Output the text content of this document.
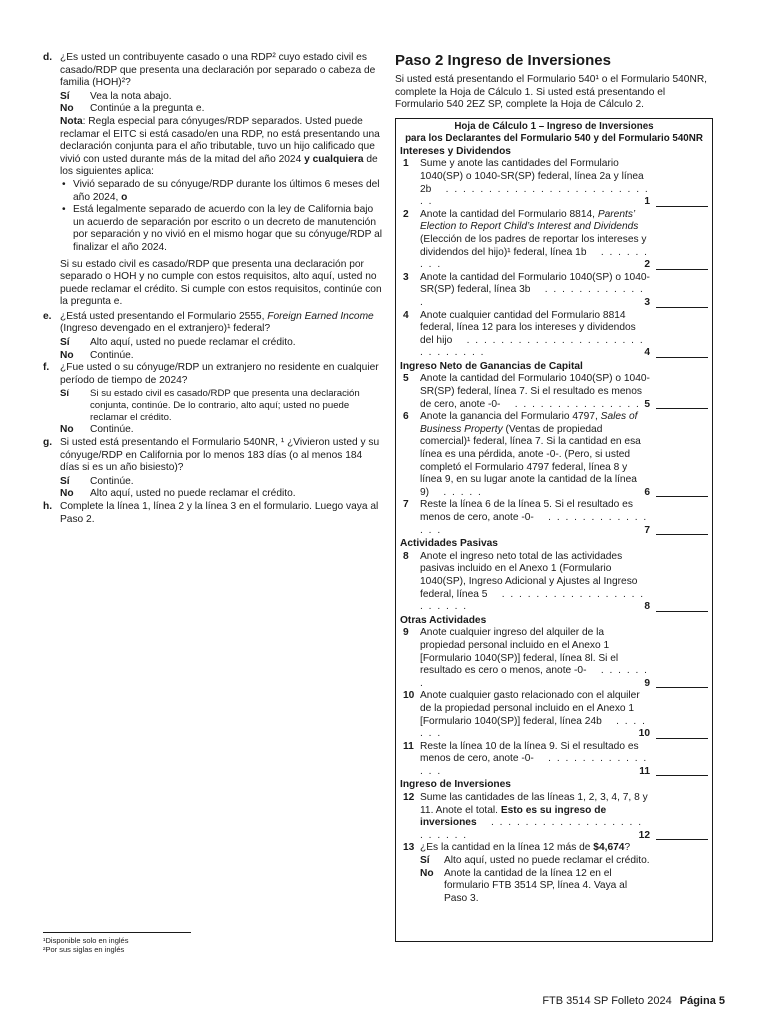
d. ¿Es usted un contribuyente casado o una RDP² cuyo estado civil es casado/RDP que presenta una declaración por separado o cabeza de familia (HOH)²?
Sí Vea la nota abajo.
No Continúe a la pregunta e.
Nota: Regla especial para cónyuges/RDP separados. Usted puede reclamar el EITC si está casado/en una RDP, no está presentando una declaración conjunta para el año tributable, tuvo un hijo calificado que vivió con usted durante más de la mitad del año 2024 y cualquiera de los siguientes aplica:
• Vivió separado de su cónyuge/RDP durante los últimos 6 meses del año 2024, o
• Está legalmente separado de acuerdo con la ley de California bajo un acuerdo de separación por escrito o un decreto de manutención por separación y no vivió en el mismo hogar que su cónyuge/RDP al finalizar el año 2024.
Si su estado civil es casado/RDP que presenta una declaración por separado o HOH y no cumple con estos requisitos, alto aquí, usted no puede reclamar el crédito. Si cumple con estos requisitos, continúe con la pregunta e.
e. ¿Está usted presentando el Formulario 2555, Foreign Earned Income (Ingreso devengado en el extranjero)¹ federal?
Sí Alto aquí, usted no puede reclamar el crédito.
No Continúe.
f. ¿Fue usted o su cónyuge/RDP un extranjero no residente en cualquier período de tiempo de 2024?
Sí Si su estado civil es casado/RDP que presenta una declaración conjunta, continúe. De lo contrario, alto aquí; usted no puede reclamar el crédito.
No Continúe.
g. Si usted está presentando el Formulario 540NR, ¹ ¿Vivieron usted y su cónyuge/RDP en California por lo menos 183 días (o al menos 184 días si es un año bisiesto)?
Sí Continúe.
No Alto aquí, usted no puede reclamar el crédito.
h. Complete la línea 1, línea 2 y la línea 3 en el formulario. Luego vaya al Paso 2.
Paso 2 Ingreso de Inversiones
Si usted está presentando el Formulario 540¹ o el Formulario 540NR, complete la Hoja de Cálculo 1. Si usted está presentando el Formulario 540 2EZ SP, complete la Hoja de Cálculo 2.
Hoja de Cálculo 1 – Ingreso de Inversiones
para los Declarantes del Formulario 540 y del Formulario 540NR
Intereses y Dividendos
1 Sume y anote las cantidades del Formulario 1040(SP) o 1040-SR(SP) federal, línea 2a y línea 2b . . . . . . . . . . . . . . . . . . . . . . . . . .	1
2 Anote la cantidad del Formulario 8814, Parents’ Election to Report Child’s Interest and Dividends (Elección de los padres de reportar los intereses y dividendos del hijo)¹ federal, línea 1b . . . . . . . . .	2
3 Anote la cantidad del Formulario 1040(SP) o 1040-SR(SP) federal, línea 3b . . . . . . . . . . . . .	3
4 Anote cualquier cantidad del Formulario 8814 federal, línea 12 para los intereses y dividendos del hijo . . . . . . . . . . . . . . . . . . . . . . . . . . . . .	4
Ingreso Neto de Ganancias de Capital
5 Anote la cantidad del Formulario 1040(SP) o 1040-SR(SP) federal, línea 7. Si el resultado es menos de cero, anote -0- . . . . . . . . . . . . . . . 5
6 Anote la ganancia del Formulario 4797, Sales of Business Property (Ventas de propiedad comercial)¹ federal, línea 7. Si la cantidad en esa línea es una pérdida, anote -0-. (Pero, si usted completó el Formulario 4797 federal, línea 8 y línea 9, en su lugar anote la cantidad de la línea 9) . . . . .	6
7 Reste la línea 6 de la línea 5. Si el resultado es menos de cero, anote -0- . . . . . . . . . . . . . . .	7
Actividades Pasivas
8 Anote el ingreso neto total de las actividades pasivas incluido en el Anexo 1 (Formulario 1040(SP), Ingreso Adicional y Ajustes al Ingreso federal, línea 5 . . . . . . . . . . . . . . . . . . . . . . .	8
Otras Actividades
9 Anote cualquier ingreso del alquiler de la propiedad personal incluido en el Anexo 1 [Formulario 1040(SP)] federal, línea 8l. Si el resultado es cero o menos, anote -0- . . . . . . .	9
10 Anote cualquier gasto relacionado con el alquiler de la propiedad personal incluido en el Anexo 1 [Formulario 1040(SP)] federal, línea 24b . . . . . . .	10
11 Reste la línea 10 de la línea 9. Si el resultado es menos de cero, anote -0- . . . . . . . . . . . . . . .	11
Ingreso de Inversiones
12 Sume las cantidades de las líneas 1, 2, 3, 4, 7, 8 y 11. Anote el total. Esto es su ingreso de inversiones . . . . . . . . . . . . . . . . . . . . . . . .	12
13 ¿Es la cantidad en la línea 12 más de $4,674?
Sí Alto aquí, usted no puede reclamar el crédito.
No Anote la cantidad de la línea 12 en el formulario FTB 3514 SP, línea 4. Vaya al Paso 3.
¹Disponible solo en inglés
²Por sus siglas en inglés
FTB 3514 SP Folleto 2024 Página 5
